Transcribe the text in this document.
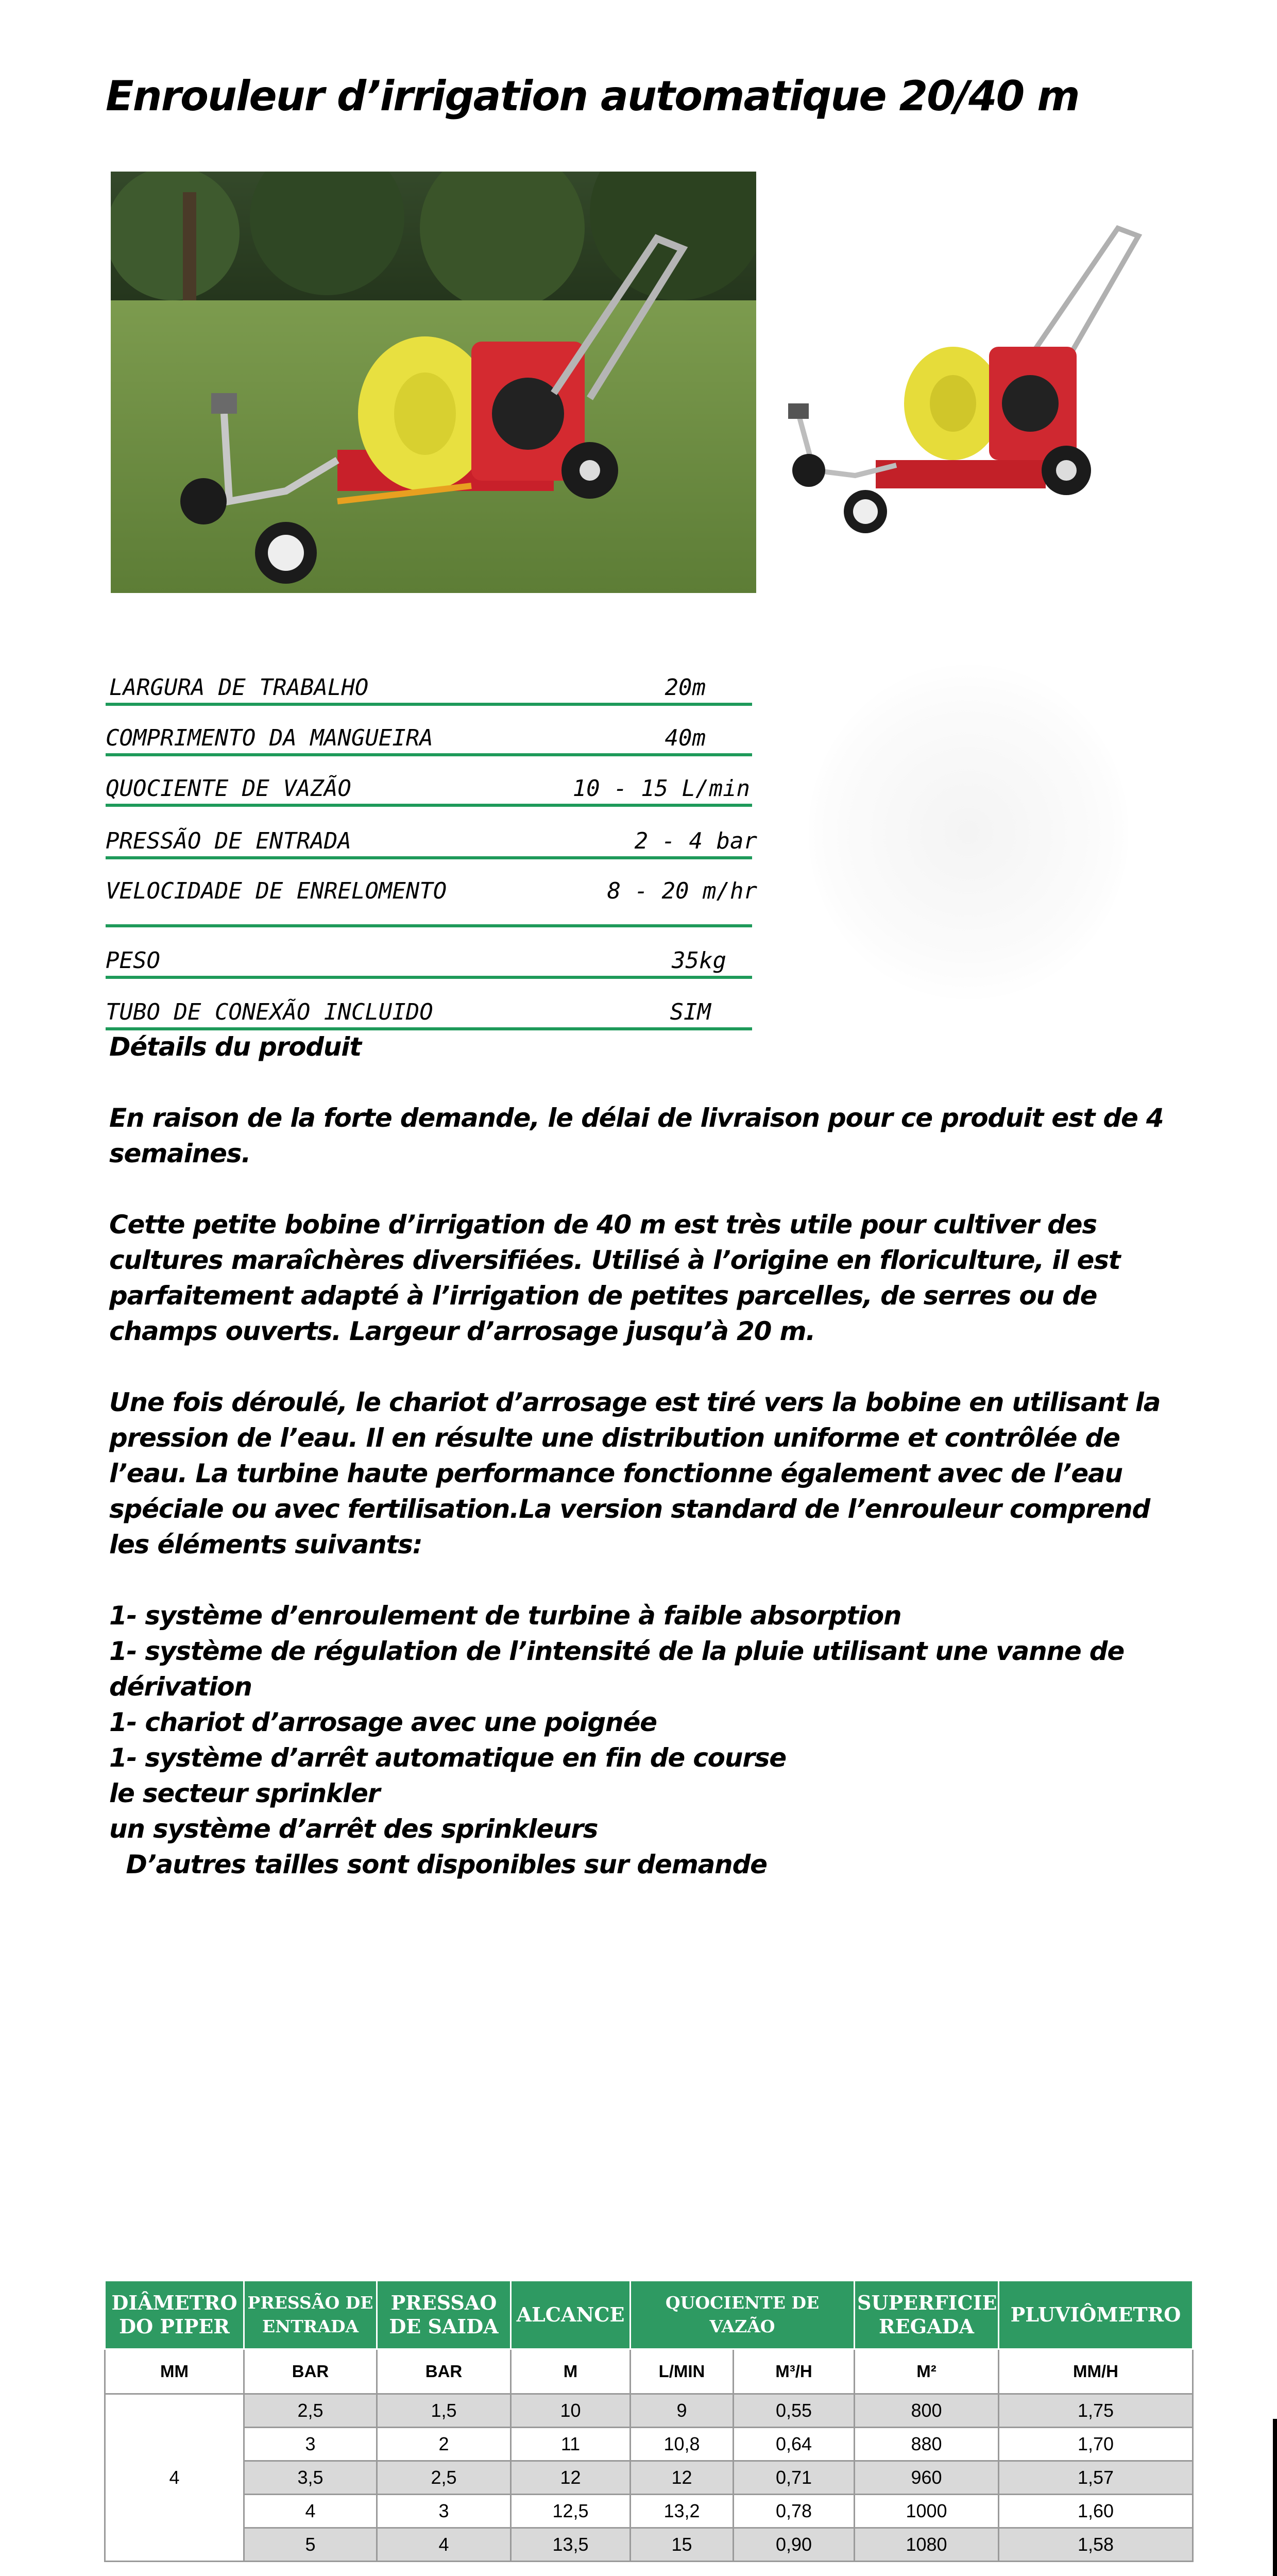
Enrouleur d’irrigation automatique 20/40 m
LARGURA DE TRABALHO	20m
COMPRIMENTO DA MANGUEIRA	40m
QUOCIENTE DE VAZÃO	10 - 15 L/min
PRESSÃO DE ENTRADA	2 - 4 bar
VELOCIDADE DE ENRELOMENTO	8 - 20 m/hr
PESO	35kg
TUBO DE CONEXÃO INCLUIDO	SIM

Détails du produit

En raison de la forte demande, le délai de livraison pour ce produit est de 4 semaines.

Cette petite bobine d’irrigation de 40 m est très utile pour cultiver des cultures maraîchères diversifiées. Utilisé à l’origine en floriculture, il est parfaitement adapté à l’irrigation de petites parcelles, de serres ou de champs ouverts. Largeur d’arrosage jusqu’à 20 m.

Une fois déroulé, le chariot d’arrosage est tiré vers la bobine en utilisant la pression de l’eau. Il en résulte une distribution uniforme et contrôlée de l’eau. La turbine haute performance fonctionne également avec de l’eau spéciale ou avec fertilisation.La version standard de l’enrouleur comprend les éléments suivants:

1- système d’enroulement de turbine à faible absorption

1- système de régulation de l’intensité de la pluie utilisant une vanne de dérivation

1- chariot d’arrosage avec une poignée

1- système d’arrêt automatique en fin de course

le secteur sprinkler

un système d’arrêt des sprinkleurs

D’autres tailles sont disponibles sur demande

DIÂMETRO DO PIPER	PRESSÃO DE ENTRADA	PRESSAO DE SAIDA	ALCANCE	QUOCIENTE DE VAZÃO		SUPERFICIE REGADA	PLUVIÔMETRO
MM	BAR	BAR	M	L/MIN	M³/H	M²	MM/H
4	2,5	1,5	10	9	0,55	800	1,75
	3	2	11	10,8	0,64	880	1,70
	3,5	2,5	12	12	0,71	960	1,57
	4	3	12,5	13,2	0,78	1000	1,60
	5	4	13,5	15	0,90	1080	1,58
